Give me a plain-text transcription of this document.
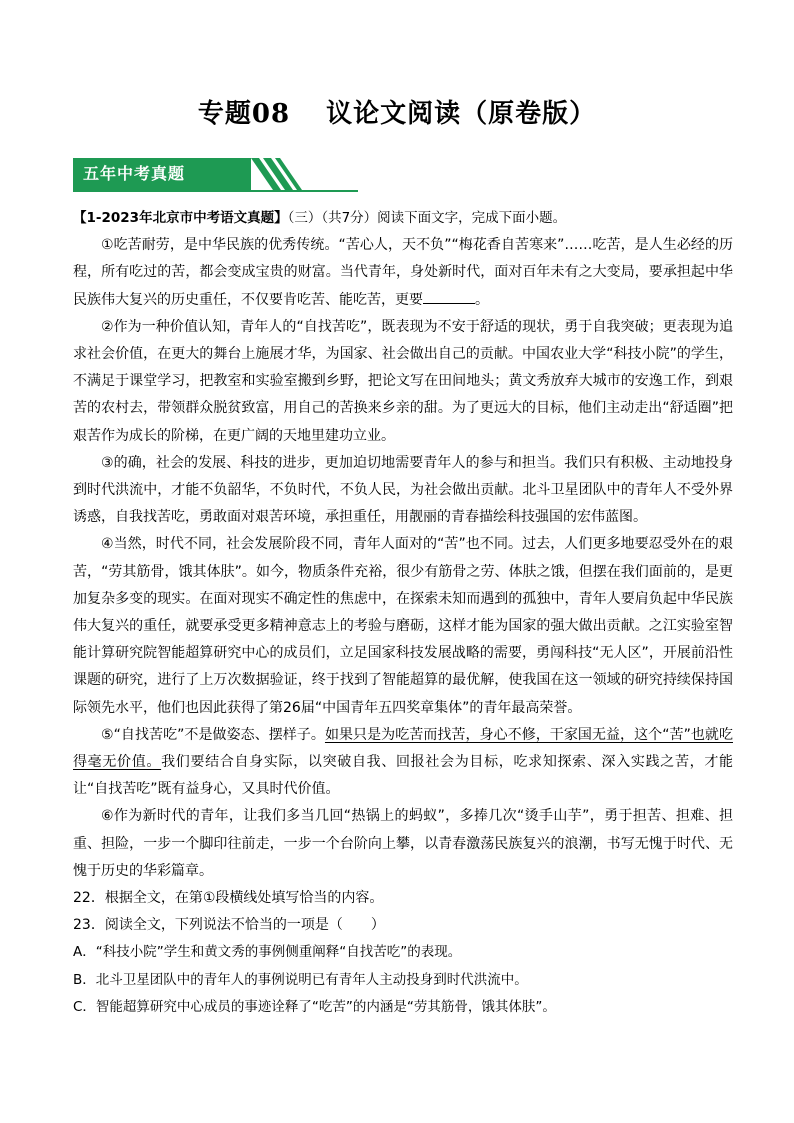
专题08 议论文阅读（原卷版）
五年中考真题

【1-2023年北京市中考语文真题】（三）（共7分）阅读下面文字，完成下面小题。

①吃苦耐劳，是中华民族的优秀传统。“苦心人，天不负”“梅花香自苦寒来”……吃苦，是人生必经的历程，所有吃过的苦，都会变成宝贵的财富。当代青年，身处新时代，面对百年未有之大变局，要承担起中华民族伟大复兴的历史重任，不仅要肯吃苦、能吃苦，更要	。

②作为一种价值认知，青年人的“自找苦吃”，既表现为不安于舒适的现状，勇于自我突破；更表现为追求社会价值，在更大的舞台上施展才华，为国家、社会做出自己的贡献。中国农业大学“科技小院”的学生，不满足于课堂学习，把教室和实验室搬到乡野，把论文写在田间地头；黄文秀放弃大城市的安逸工作，到艰苦的农村去，带领群众脱贫致富，用自己的苦换来乡亲的甜。为了更远大的目标，他们主动走出“舒适圈”把艰苦作为成长的阶梯，在更广阔的天地里建功立业。

③的确，社会的发展、科技的进步，更加迫切地需要青年人的参与和担当。我们只有积极、主动地投身到时代洪流中，才能不负韶华，不负时代，不负人民，为社会做出贡献。北斗卫星团队中的青年人不受外界诱惑，自我找苦吃，勇敢面对艰苦环境，承担重任，用靓丽的青春描绘科技强国的宏伟蓝图。

④当然，时代不同，社会发展阶段不同，青年人面对的“苦”也不同。过去，人们更多地要忍受外在的艰苦，“劳其筋骨，饿其体肤”。如今，物质条件充裕，很少有筋骨之劳、体肤之饿，但摆在我们面前的，是更加复杂多变的现实。在面对现实不确定性的焦虑中，在探索未知而遇到的孤独中，青年人要肩负起中华民族伟大复兴的重任，就要承受更多精神意志上的考验与磨砺，这样才能为国家的强大做出贡献。之江实验室智能计算研究院智能超算研究中心的成员们，立足国家科技发展战略的需要，勇闯科技“无人区”，开展前沿性课题的研究，进行了上万次数据验证，终于找到了智能超算的最优解，使我国在这一领域的研究持续保持国际领先水平，他们也因此获得了第26届“中国青年五四奖章集体”的青年最高荣誉。

⑤“自找苦吃”不是做姿态、摆样子。如果只是为吃苦而找苦，身心不修，干家国无益，这个“苦”也就吃得毫无价值。我们要结合自身实际，以突破自我、回报社会为目标，吃求知探索、深入实践之苦，才能让“自找苦吃”既有益身心，又具时代价值。

⑥作为新时代的青年，让我们多当几回“热锅上的蚂蚁”，多捧几次“烫手山芋”，勇于担苦、担难、担重、担险，一步一个脚印往前走，一步一个台阶向上攀，以青春激荡民族复兴的浪潮，书写无愧于时代、无愧于历史的华彩篇章。

22．根据全文，在第①段横线处填写恰当的内容。

23．阅读全文，下列说法不恰当的一项是（　　）

A．“科技小院”学生和黄文秀的事例侧重阐释“自找苦吃”的表现。

B．北斗卫星团队中的青年人的事例说明已有青年人主动投身到时代洪流中。

C．智能超算研究中心成员的事迹诠释了“吃苦”的内涵是“劳其筋骨，饿其体肤”。
